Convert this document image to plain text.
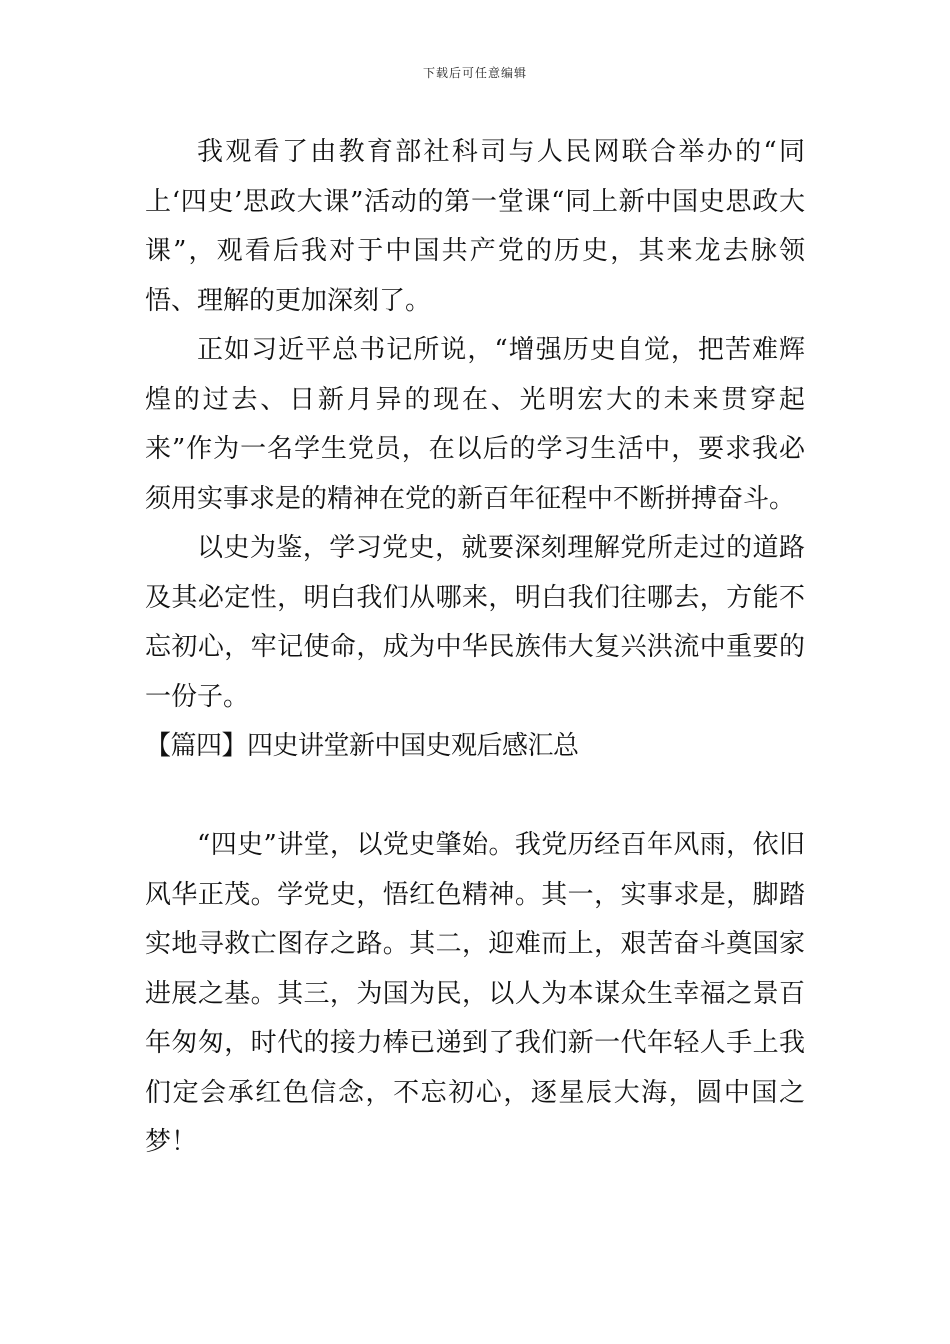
下载后可任意编辑

我观看了由教育部社科司与人民网联合举办的“同上‘四史’思政大课”活动的第一堂课“同上新中国史思政大课”，观看后我对于中国共产党的历史，其来龙去脉领悟、理解的更加深刻了。

正如习近平总书记所说，“增强历史自觉，把苦难辉煌的过去、日新月异的现在、光明宏大的未来贯穿起来”作为一名学生党员，在以后的学习生活中，要求我必须用实事求是的精神在党的新百年征程中不断拼搏奋斗。

以史为鉴，学习党史，就要深刻理解党所走过的道路及其必定性，明白我们从哪来，明白我们往哪去，方能不忘初心，牢记使命，成为中华民族伟大复兴洪流中重要的一份子。

【篇四】四史讲堂新中国史观后感汇总

“四史”讲堂，以党史肇始。我党历经百年风雨，依旧风华正茂。学党史，悟红色精神。其一，实事求是，脚踏实地寻救亡图存之路。其二，迎难而上，艰苦奋斗奠国家进展之基。其三，为国为民，以人为本谋众生幸福之景百年匆匆，时代的接力棒已递到了我们新一代年轻人手上我们定会承红色信念，不忘初心，逐星辰大海，圆中国之梦！
